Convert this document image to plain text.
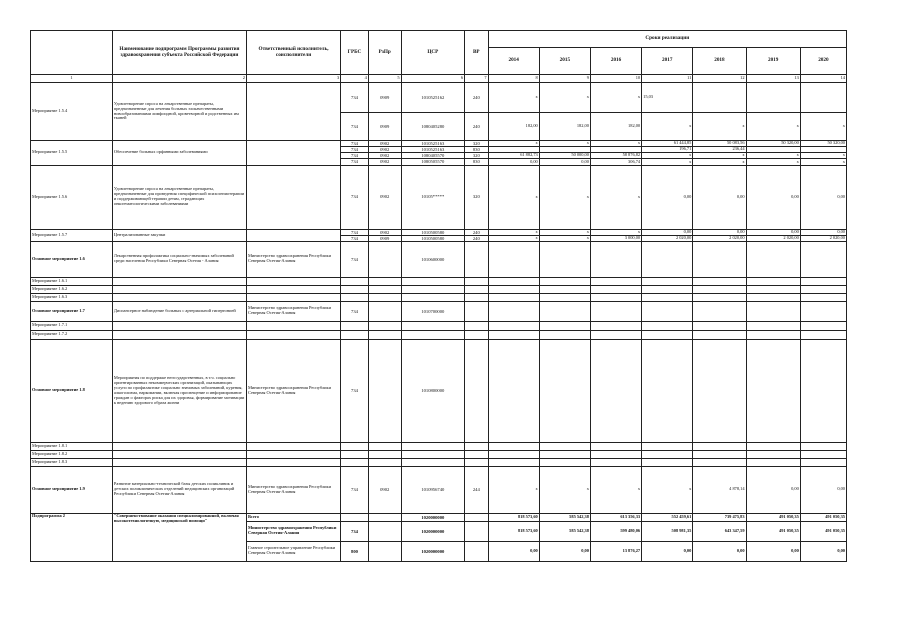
	Наименование подпрограмм Программы развития здравоохранения субъекта Российской Федерации	Ответственный исполнитель, соисполнители	ГРБС	РзПр	ЦСР	ВР	Сроки реализации						
							2014	2015	2016	2017	2018	2019	2020
1	2	3	4	5	6	7	8	9	10	11	12	13	14
Мероприятие 1.5.4	Удовлетворение спроса на лекарственные препараты, предназначенные для лечения больных злокачественными новообразованиями лимфоидной, кроветворной и родственных им тканей		734	0909	1010525162	240	x	x	x	15,03			
			734	0909	1080405280	240	182,00	182,00	182,00	x	x	x	x
Мероприятие 1.5.5	Обеспечение больных орфанными заболеваниями		734	0902	1010525163	320	x	x	x	61 444,85	50 083,56	50 320,00	50 320,00
			734	0902	1010525163	830				196,71	236,44		
			734	0902	1080405570	320	61 882,73	50 000,00	58 876,82	x	x	x	x
			734	0902	1080505570	830	0,00	0,00	306,74	x	x	x	x
Мероприятие 1.5.6	Удовлетворение спроса на лекарственные препараты, предназначенные для проведения специфической психоэнзиотерапии и поддерживающей терапии детям, страдающих онкогематологическими заболеваниями		734	0902	10105*****	320	x	x	x	0,00	0,00	0,00	0,00
Мероприятие 1.5.7	Централизованные закупки		734	0902	1010500580	240	x	x	x	0,00	0,00	0,00	0,00
			734	0909	1010500580	240	x	x	3 000,00	2 020,00	2 020,00	2 020,00	2 020,00
Основное мероприятие 1.6	Лекарственная профилактика социально-значимых заболеваний среди населения Республики Северная Осетия - Алания	Министерство здравоохранения Республики Северная Осетия-Алания	734		1010600000								
Мероприятие 1.6.1													
Мероприятие 1.6.2													
Мероприятие 1.6.3													
Основное мероприятие 1.7	Диспансерное наблюдение больных с артериальной гипертонией	Министерство здравоохранения Республики Северная Осетия-Алания	734		1010700000								
Мероприятие 1.7.1													
Мероприятие 1.7.2													
Основное мероприятие 1.8	Мероприятия по поддержке негосударственных, в т.ч. социально ориентированных некоммерческих организаций, оказывающих услуги по профилактике социально значимых заболеваний, курения, алкоголизма, наркомании, включая просвещение и информирование граждан о факторах риска для их здоровья, формирование мотивации к ведению здорового образа жизни	Министерство здравоохранения Республики Северная Осетия-Алания	734		1010800000								
Мероприятие 1.8.1													
Мероприятие 1.8.2													
Мероприятие 1.8.3													
Основное мероприятие 1.9	Развитие материально-технической базы детских поликлиник и детских поликлинических отделений медицинских организаций Республики Северная Осетия-Алания	Министерство здравоохранения Республики Северная Осетия-Алания	734	0902	1010956740	244	x	x	x	x	4 878,14	0,00	0,00
Подпрограмма 2	"Совершенствование оказания специализированной, включая высокотехнологичную, медицинской помощи"	Всего			1020000000		818 573,60	585 542,38	613 356,33	552 459,61	739 475,83	491 050,35	491 050,35
		Министерство здравоохранения Республики Северная Осетия-Алания	734		1020000000		818 573,60	585 542,38	599 480,06	508 981,35	643 347,59	491 050,35	491 050,35
		Главное строительное управление Республики Северная Осетия-Алания	800		1020000000		0,00	0,00	13 876,27	0,00	0,00	0,00	0,00
